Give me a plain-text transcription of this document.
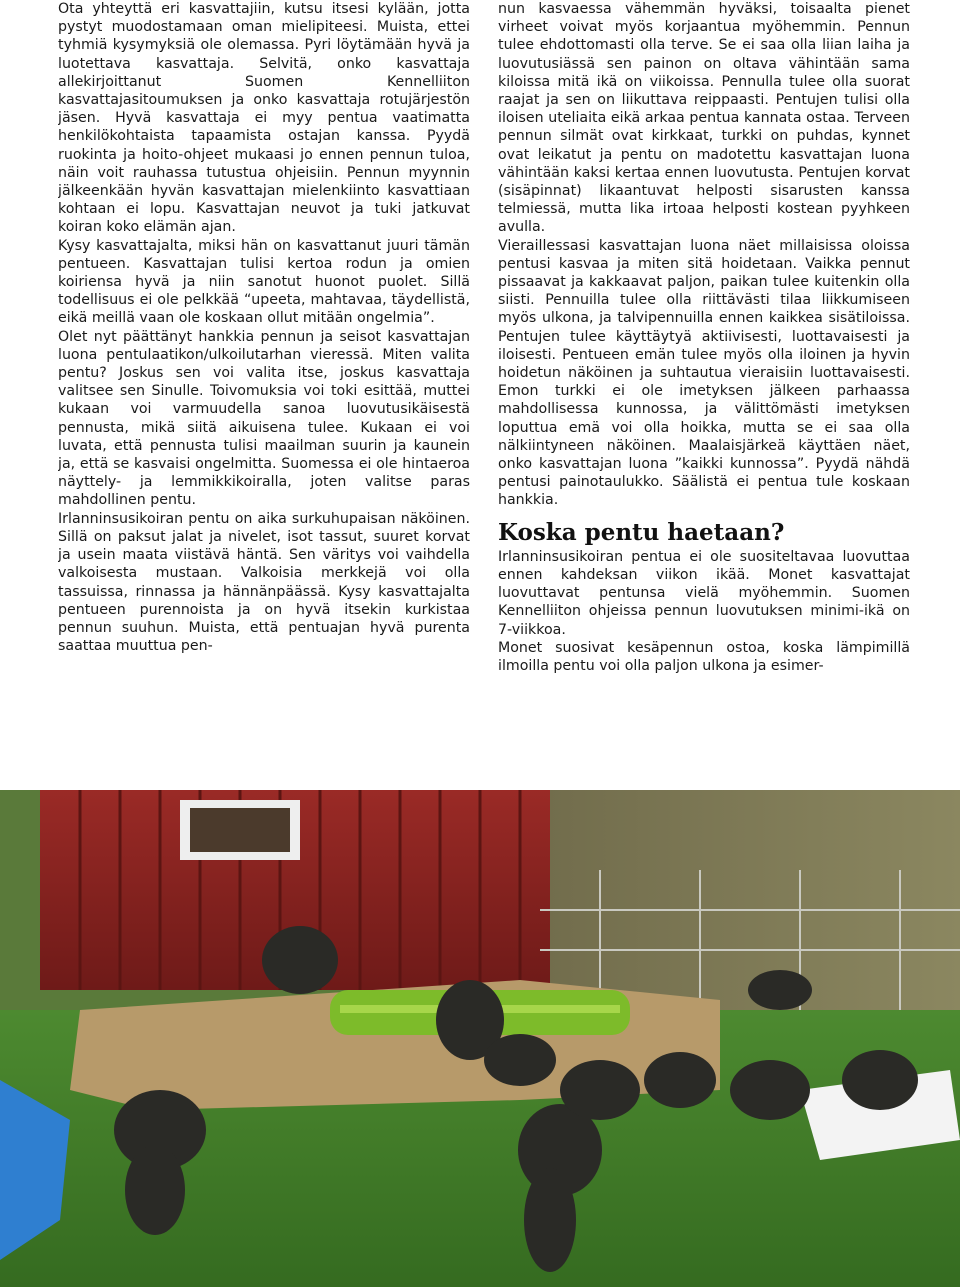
Ota yhteyttä eri kasvattajiin, kutsu itsesi kylään, jotta pystyt muodostamaan oman mielipiteesi. Muista, ettei tyhmiä kysymyksiä ole olemassa. Pyri löytämään hyvä ja luotettava kasvattaja. Selvitä, onko kasvattaja allekirjoittanut Suomen Kennelliiton kasvattajasitoumuksen ja onko kasvattaja rotujärjestön jäsen. Hyvä kasvattaja ei myy pentua vaatimatta henkilökohtaista tapaamista ostajan kanssa. Pyydä ruokinta ja hoito-ohjeet mukaasi jo ennen pennun tuloa, näin voit rauhassa tutustua ohjeisiin. Pennun myynnin jälkeenkään hyvän kasvattajan mielenkiinto kasvattiaan kohtaan ei lopu. Kasvattajan neuvot ja tuki jatkuvat koiran koko elämän ajan.

Kysy kasvattajalta, miksi hän on kasvattanut juuri tämän pentueen. Kasvattajan tulisi kertoa rodun ja omien koiriensa hyvä ja niin sanotut huonot puolet. Sillä todellisuus ei ole pelkkää “upeeta, mahtavaa, täydellistä, eikä meillä vaan ole koskaan ollut mitään ongelmia”.

Olet nyt päättänyt hankkia pennun ja seisot kasvattajan luona pentulaatikon/ulkoilutarhan vieressä. Miten valita pentu? Joskus sen voi valita itse, joskus kasvattaja valitsee sen Sinulle. Toivomuksia voi toki esittää, muttei kukaan voi varmuudella sanoa luovutusikäisestä pennusta, mikä siitä aikuisena tulee. Kukaan ei voi luvata, että pennusta tulisi maailman suurin ja kaunein ja, että se kasvaisi ongelmitta. Suomessa ei ole hintaeroa näyttely- ja lemmikkikoiralla, joten valitse paras mahdollinen pentu.

Irlanninsusikoiran pentu on aika surkuhupaisan näköinen. Sillä on paksut jalat ja nivelet, isot tassut, suuret korvat ja usein maata viistävä häntä. Sen väritys voi vaihdella valkoisesta mustaan. Valkoisia merkkejä voi olla tassuissa, rinnassa ja hännänpäässä. Kysy kasvattajalta pentueen purennoista ja on hyvä itsekin kurkistaa pennun suuhun. Muista, että pentuajan hyvä purenta saattaa muuttua pen-

nun kasvaessa vähemmän hyväksi, toisaalta pienet virheet voivat myös korjaantua myöhemmin. Pennun tulee ehdottomasti olla terve. Se ei saa olla liian laiha ja luovutusiässä sen painon on oltava vähintään sama kiloissa mitä ikä on viikoissa. Pennulla tulee olla suorat raajat ja sen on liikuttava reippaasti. Pentujen tulisi olla iloisen uteliaita eikä arkaa pentua kannata ostaa. Terveen pennun silmät ovat kirkkaat, turkki on puhdas, kynnet ovat leikatut ja pentu on madotettu kasvattajan luona vähintään kaksi kertaa ennen luovutusta. Pentujen korvat (sisäpinnat) likaantuvat helposti sisarusten kanssa telmiessä, mutta lika irtoaa helposti kostean pyyhkeen avulla.

Vieraillessasi kasvattajan luona näet millaisissa oloissa pentusi kasvaa ja miten sitä hoidetaan. Vaikka pennut pissaavat ja kakkaavat paljon, paikan tulee kuitenkin olla siisti. Pennuilla tulee olla riittävästi tilaa liikkumiseen myös ulkona, ja talvipennuilla ennen kaikkea sisätiloissa. Pentujen tulee käyttäytyä aktiivisesti, luottavaisesti ja iloisesti. Pentueen emän tulee myös olla iloinen ja hyvin hoidetun näköinen ja suhtautua vieraisiin luottavaisesti. Emon turkki ei ole imetyksen jälkeen parhaassa mahdollisessa kunnossa, ja välittömästi imetyksen loputtua emä voi olla hoikka, mutta se ei saa olla nälkiintyneen näköinen. Maalaisjärkeä käyttäen näet, onko kasvattajan luona ”kaikki kunnossa”. Pyydä nähdä pentusi painotaulukko. Säälistä ei pentua tule koskaan hankkia.

Koska pentu haetaan?

Irlanninsusikoiran pentua ei ole suositeltavaa luovuttaa ennen kahdeksan viikon ikää. Monet kasvattajat luovuttavat pentunsa vielä myöhemmin. Suomen Kennelliiton ohjeissa pennun luovutuksen minimi-ikä on 7-viikkoa.

Monet suosivat kesäpennun ostoa, koska lämpimillä ilmoilla pentu voi olla paljon ulkona ja esimer-
